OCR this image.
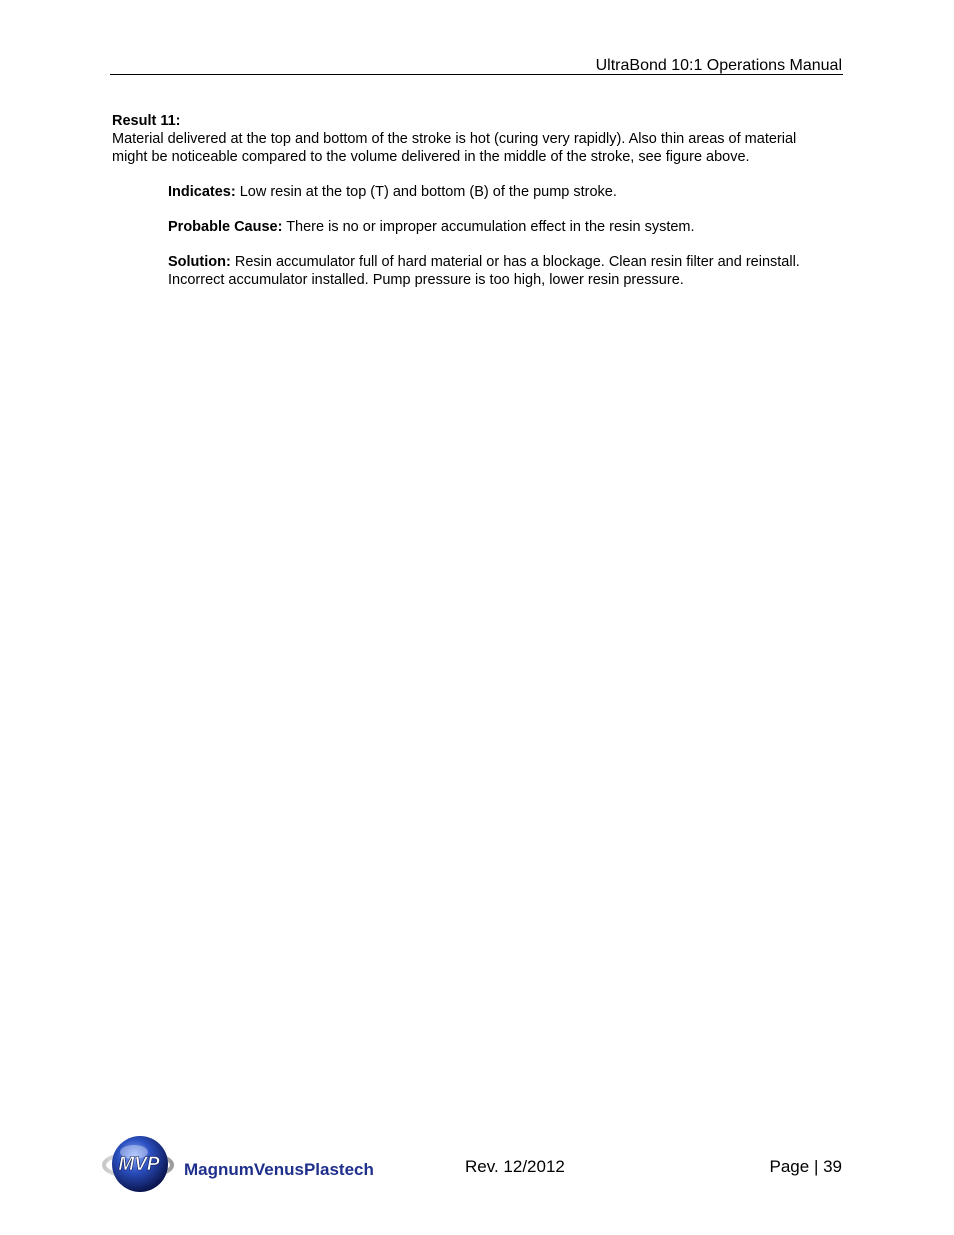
UltraBond 10:1 Operations Manual
Result 11:

Material delivered at the top and bottom of the stroke is hot (curing very rapidly). Also thin areas of material might be noticeable compared to the volume delivered in the middle of the stroke, see figure above.

Indicates: Low resin at the top (T) and bottom (B) of the pump stroke.

Probable Cause: There is no or improper accumulation effect in the resin system.

Solution: Resin accumulator full of hard material or has a blockage. Clean resin filter and reinstall. Incorrect accumulator installed. Pump pressure is too high, lower resin pressure.

MVP MagnumVenusPlastech	Rev. 12/2012	Page | 39
